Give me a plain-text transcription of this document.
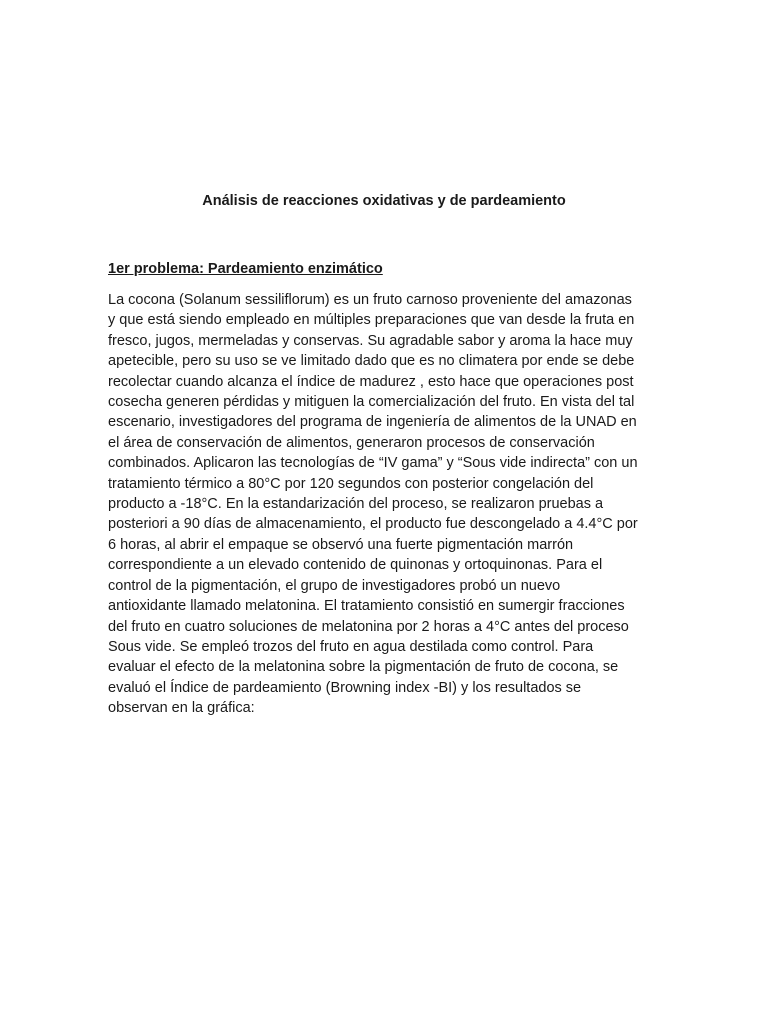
Análisis de reacciones oxidativas y de pardeamiento
1er problema: Pardeamiento enzimático

La cocona (Solanum sessiliflorum) es un fruto carnoso proveniente del amazonas
y que está siendo empleado en múltiples preparaciones que van desde la fruta en
fresco, jugos, mermeladas y conservas. Su agradable sabor y aroma la hace muy
apetecible, pero su uso se ve limitado dado que es no climatera por ende se debe
recolectar cuando alcanza el índice de madurez , esto hace que operaciones post
cosecha generen pérdidas y mitiguen la comercialización del fruto. En vista del tal
escenario, investigadores del programa de ingeniería de alimentos de la UNAD en
el área de conservación de alimentos, generaron procesos de conservación
combinados. Aplicaron las tecnologías de “IV gama” y “Sous vide indirecta” con un
tratamiento térmico a 80°C por 120 segundos con posterior congelación del
producto a -18°C. En la estandarización del proceso, se realizaron pruebas a
posteriori a 90 días de almacenamiento, el producto fue descongelado a 4.4°C por
6 horas, al abrir el empaque se observó una fuerte pigmentación marrón
correspondiente a un elevado contenido de quinonas y ortoquinonas. Para el
control de la pigmentación, el grupo de investigadores probó un nuevo
antioxidante llamado melatonina. El tratamiento consistió en sumergir fracciones
del fruto en cuatro soluciones de melatonina por 2 horas a 4°C antes del proceso
Sous vide. Se empleó trozos del fruto en agua destilada como control. Para
evaluar el efecto de la melatonina sobre la pigmentación de fruto de cocona, se
evaluó el Índice de pardeamiento (Browning index -BI) y los resultados se
observan en la gráfica:
